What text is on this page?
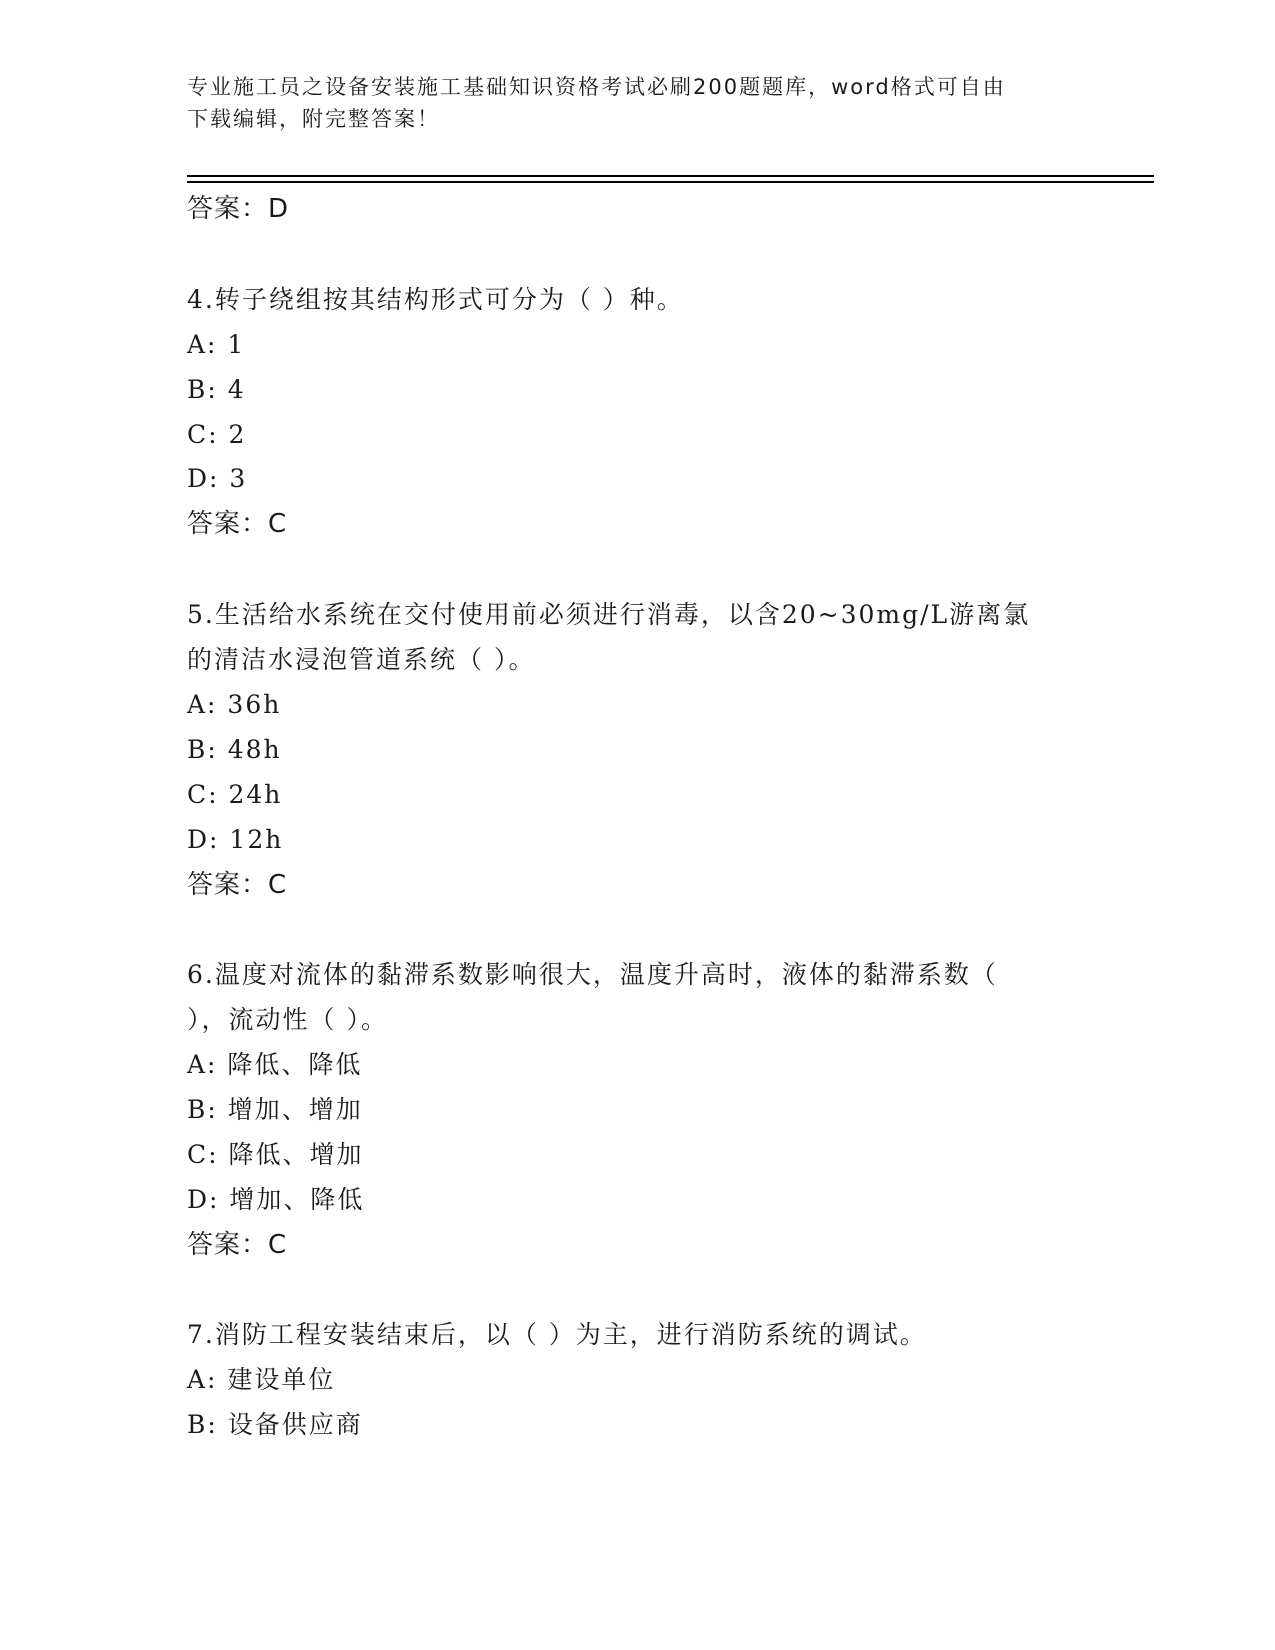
专业施工员之设备安装施工基础知识资格考试必刷200题题库，word格式可自由
下载编辑，附完整答案！
答案：D
4.转子绕组按其结构形式可分为（ ）种。
A: 1
B: 4
C: 2
D: 3
答案：C
5.生活给水系统在交付使用前必须进行消毒，以含20~30mg/L游离氯
的清洁水浸泡管道系统（ ）。
A: 36h
B: 48h
C: 24h
D: 12h
答案：C
6.温度对流体的黏滞系数影响很大，温度升高时，液体的黏滞系数（
），流动性（ ）。
A: 降低、降低
B: 增加、增加
C: 降低、增加
D: 增加、降低
答案：C
7.消防工程安装结束后，以（ ）为主，进行消防系统的调试。
A: 建设单位
B: 设备供应商
